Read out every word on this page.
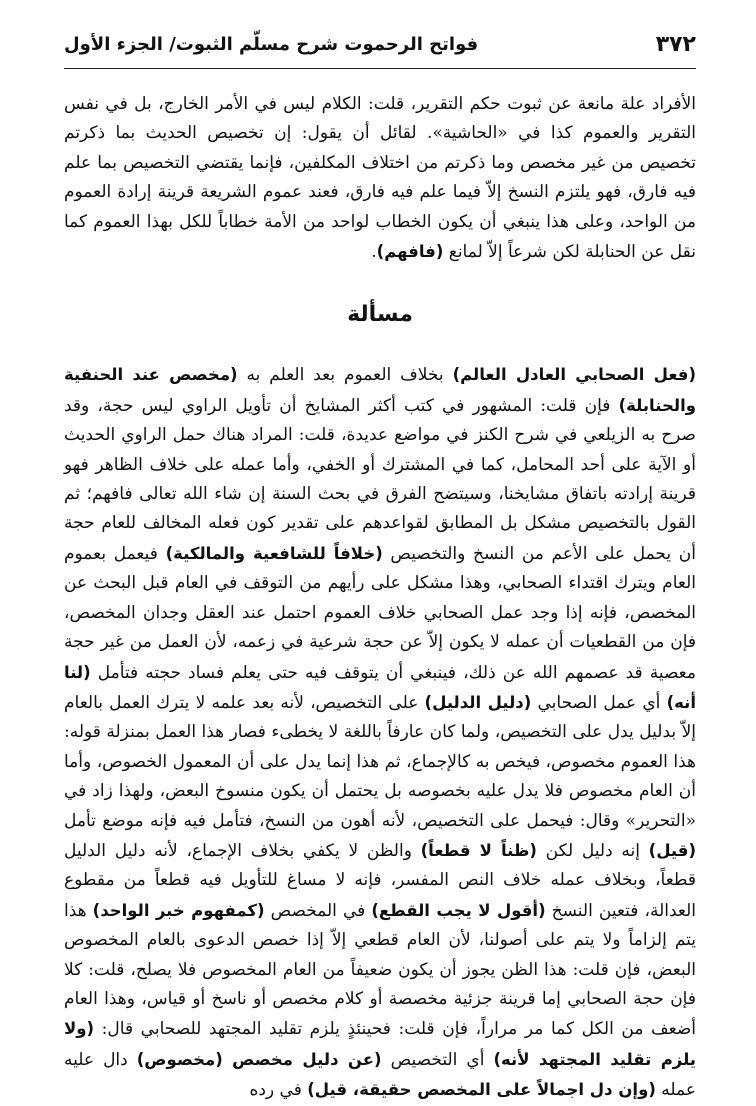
٣٧٢
فواتح الرحموت شرح مسلّم الثبوت/ الجزء الأول

الأفراد علة مانعة عن ثبوت حكم التقرير، قلت: الكلام ليس في الأمر الخارج، بل في نفس التقرير والعموم كذا في «الحاشية». لقائل أن يقول: إن تخصيص الحديث بما ذكرتم تخصيص من غير مخصص وما ذكرتم من اختلاف المكلفين، فإنما يقتضي التخصيص بما علم فيه فارق، فهو يلتزم النسخ إلاّ فيما علم فيه فارق، فعند عموم الشريعة قرينة إرادة العموم من الواحد، وعلى هذا ينبغي أن يكون الخطاب لواحد من الأمة خطاباً للكل بهذا العموم كما نقل عن الحنابلة لكن شرعاً إلاّ لمانع (فافهم).

مسألة

(فعل الصحابي العادل العالم) بخلاف العموم بعد العلم به (مخصص عند الحنفية والحنابلة) فإن قلت: المشهور في كتب أكثر المشايخ أن تأويل الراوي ليس حجة، وقد صرح به الزيلعي في شرح الكنز في مواضع عديدة، قلت: المراد هناك حمل الراوي الحديث أو الآية على أحد المحامل، كما في المشترك أو الخفي، وأما عمله على خلاف الظاهر فهو قرينة إرادته باتفاق مشايخنا، وسيتضح الفرق في بحث السنة إن شاء الله تعالى فافهم؛ ثم القول بالتخصيص مشكل بل المطابق لقواعدهم على تقدير كون فعله المخالف للعام حجة أن يحمل على الأعم من النسخ والتخصيص (خلافاً للشافعية والمالكية) فيعمل بعموم العام ويترك اقتداء الصحابي، وهذا مشكل على رأيهم من التوقف في العام قبل البحث عن المخصص، فإنه إذا وجد عمل الصحابي خلاف العموم احتمل عند العقل وجدان المخصص، فإن من القطعيات أن عمله لا يكون إلاّ عن حجة شرعية في زعمه، لأن العمل من غير حجة معصية قد عصمهم الله عن ذلك، فينبغي أن يتوقف فيه حتى يعلم فساد حجته فتأمل (لنا أنه) أي عمل الصحابي (دليل الدليل) على التخصيص، لأنه بعد علمه لا يترك العمل بالعام إلاّ بدليل يدل على التخصيص، ولما كان عارفاً باللغة لا يخطىء فصار هذا العمل بمنزلة قوله: هذا العموم مخصوص، فيخص به كالإجماع، ثم هذا إنما يدل على أن المعمول الخصوص، وأما أن العام مخصوص فلا يدل عليه بخصوصه بل يحتمل أن يكون منسوخ البعض، ولهذا زاد في «التحرير» وقال: فيحمل على التخصيص، لأنه أهون من النسخ، فتأمل فيه فإنه موضع تأمل (قيل) إنه دليل لكن (ظناً لا قطعاً) والظن لا يكفي بخلاف الإجماع، لأنه دليل الدليل قطعاً، وبخلاف عمله خلاف النص المفسر، فإنه لا مساغ للتأويل فيه قطعاً من مقطوع العدالة، فتعين النسخ (أقول لا يجب القطع) في المخصص (كمفهوم خبر الواحد) هذا يتم إلزاماً ولا يتم على أصولنا، لأن العام قطعي إلاّ إذا خصص الدعوى بالعام المخصوص البعض، فإن قلت: هذا الظن يجوز أن يكون ضعيفاً من العام المخصوص فلا يصلح، قلت: كلا فإن حجة الصحابي إما قرينة جزئية مخصصة أو كلام مخصص أو ناسخ أو قياس، وهذا العام أضعف من الكل كما مر مراراً، فإن قلت: فحينئذٍ يلزم تقليد المجتهد للصحابي قال: (ولا يلزم تقليد المجتهد لأنه) أي التخصيص (عن دليل مخصص (مخصوص) دال عليه عمله (وإن دل اجمالاً على المخصص حقيقة، قيل) في رده
